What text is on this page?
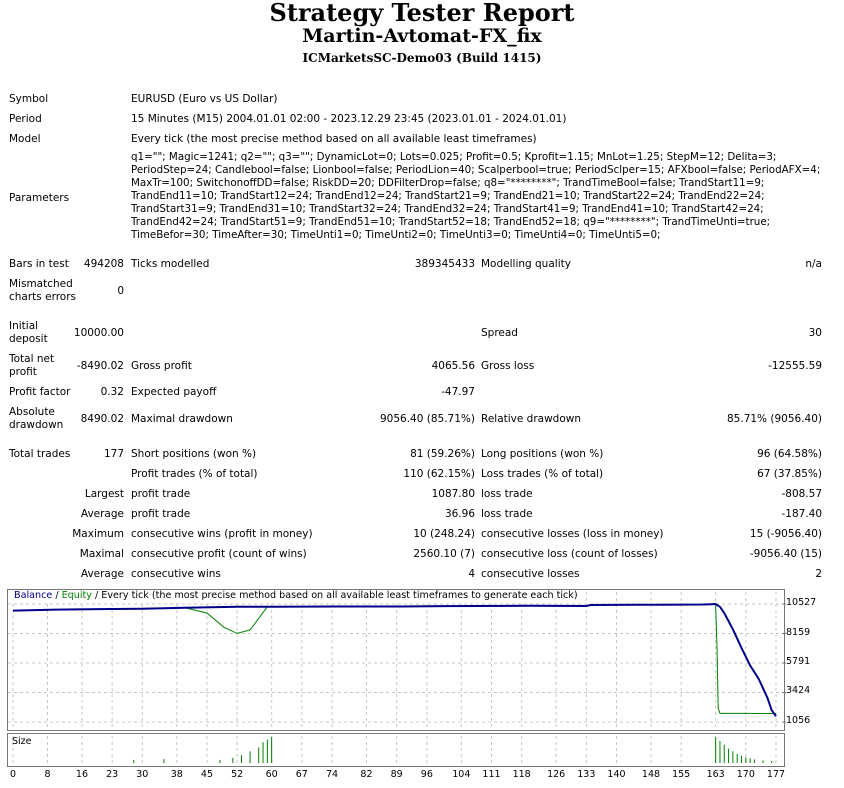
Strategy Tester Report
Martin-Avtomat-FX_fix
ICMarketsSC-Demo03 (Build 1415)
Symbol	EURUSD (Euro vs US Dollar)
Period	15 Minutes (M15) 2004.01.01 02:00 - 2023.12.29 23:45 (2023.01.01 - 2024.01.01)
Model	Every tick (the most precise method based on all available least timeframes)
Parameters
q1=""; Magic=1241; q2=""; q3=""; DynamicLot=0; Lots=0.025; Profit=0.5; Kprofit=1.15; MnLot=1.25; StepM=12; Delita=3; PeriodStep=24; Candlebool=false; Lionbool=false; PeriodLion=40; Scalperbool=true; PeriodSclper=15; AFXbool=false; PeriodAFX=4; MaxTr=100; SwitchonoffDD=false; RiskDD=20; DDFilterDrop=false; q8="********"; TrandTimeBool=false; TrandStart11=9; TrandEnd11=10; TrandStart12=24; TrandEnd12=24; TrandStart21=9; TrandEnd21=10; TrandStart22=24; TrandEnd22=24; TrandStart31=9; TrandEnd31=10; TrandStart32=24; TrandEnd32=24; TrandStart41=9; TrandEnd41=10; TrandStart42=24; TrandEnd42=24; TrandStart51=9; TrandEnd51=10; TrandStart52=18; TrandEnd52=18; q9="********"; TrandTimeUnti=true; TimeBefor=30; TimeAfter=30; TimeUnti1=0; TimeUnti2=0; TimeUnti3=0; TimeUnti4=0; TimeUnti5=0;
Bars in test	494208 Ticks modelled	389345433 Modelling quality	n/a
Mismatched charts errors	0
Initial deposit	10000.00	Spread	30
Total net profit	-8490.02 Gross profit	4065.56 Gross loss	-12555.59
Profit factor	0.32 Expected payoff	-47.97
Absolute drawdown	8490.02 Maximal drawdown	9056.40 (85.71%) Relative drawdown	85.71% (9056.40)
Total trades	177 Short positions (won %)	81 (59.26%) Long positions (won %)	96 (64.58%)
Profit trades (% of total)	110 (62.15%) Loss trades (% of total)	67 (37.85%)
Largest profit trade	1087.80 loss trade	-808.57
Average profit trade	36.96 loss trade	-187.40
Maximum consecutive wins (profit in money)	10 (248.24) consecutive losses (loss in money)	15 (-9056.40)
Maximal consecutive profit (count of wins)	2560.10 (7) consecutive loss (count of losses)	-9056.40 (15)
Average consecutive wins	4 consecutive losses	2
Balance / Equity / Every tick (the most precise method based on all available least timeframes to generate each tick)
Size
10527
8159
5791
3424
1056
0	8	16 23 30 38 45 52 60 67 74 82 89 96 104 111 118 126 133 140 148 155 163 170 177
